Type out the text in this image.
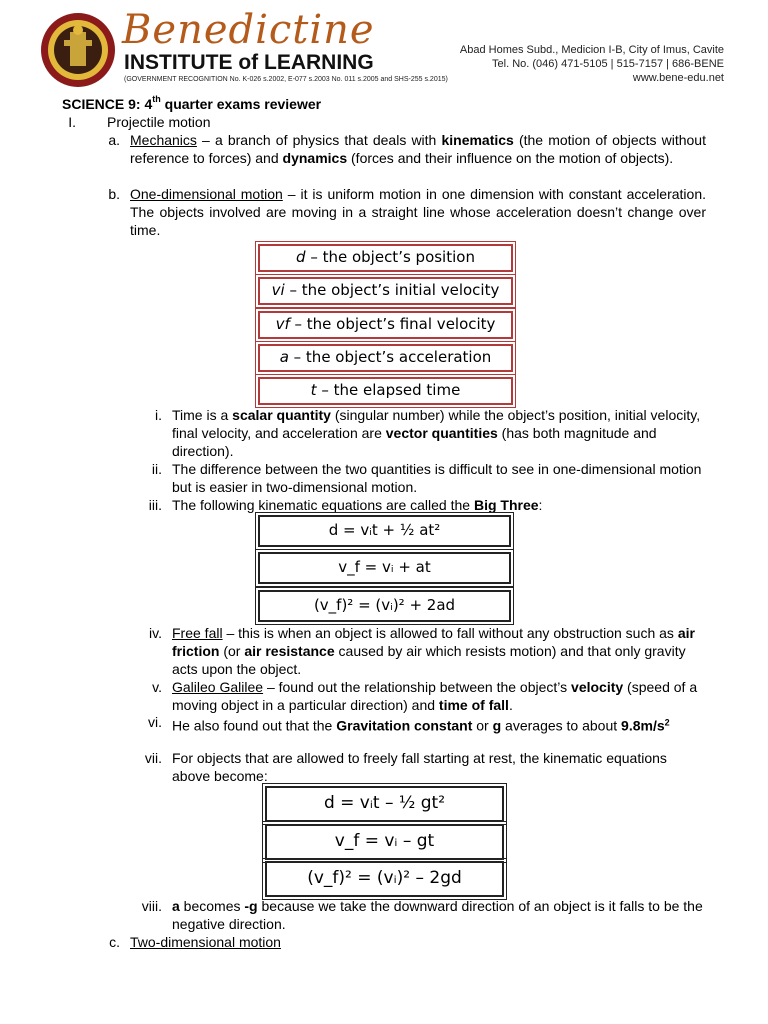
Benedictine
INSTITUTE of LEARNING
(GOVERNMENT RECOGNITION No. K-026 s.2002, E-077 s.2003 No. 011 s.2005 and SHS-255 s.2015)
Abad Homes Subd., Medicion I-B, City of Imus, Cavite
Tel. No. (046) 471-5105 | 515-7157 | 686-BENE
www.bene-edu.net
SCIENCE 9: 4th quarter exams reviewer
I. Projectile motion
a. Mechanics – a branch of physics that deals with kinematics (the motion of objects without reference to forces) and dynamics (forces and their influence on the motion of objects).
b. One-dimensional motion – it is uniform motion in one dimension with constant acceleration. The objects involved are moving in a straight line whose acceleration doesn’t change over time.
d – the object’s position
vi – the object’s initial velocity
vf – the object’s final velocity
a – the object’s acceleration
t – the elapsed time
i. Time is a scalar quantity (singular number) while the object’s position, initial velocity, final velocity, and acceleration are vector quantities (has both magnitude and direction).
ii. The difference between the two quantities is difficult to see in one-dimensional motion but is easier in two-dimensional motion.
iii. The following kinematic equations are called the Big Three:
d = vᵢt + ½ at²
v_f = vᵢ + at
(v_f)² = (vᵢ)² + 2ad
iv. Free fall – this is when an object is allowed to fall without any obstruction such as air friction (or air resistance caused by air which resists motion) and that only gravity acts upon the object.
v. Galileo Galilee – found out the relationship between the object’s velocity (speed of a moving object in a particular direction) and time of fall.
vi. He also found out that the Gravitation constant or g averages to about $9.8m/s^2$
vii. For objects that are allowed to freely fall starting at rest, the kinematic equations above become:
d = vᵢt – ½ gt²
v_f = vᵢ – gt
(v_f)² = (vᵢ)² – 2gd
viii. a becomes -g because we take the downward direction of an object is it falls to be the negative direction.
c. Two-dimensional motion
